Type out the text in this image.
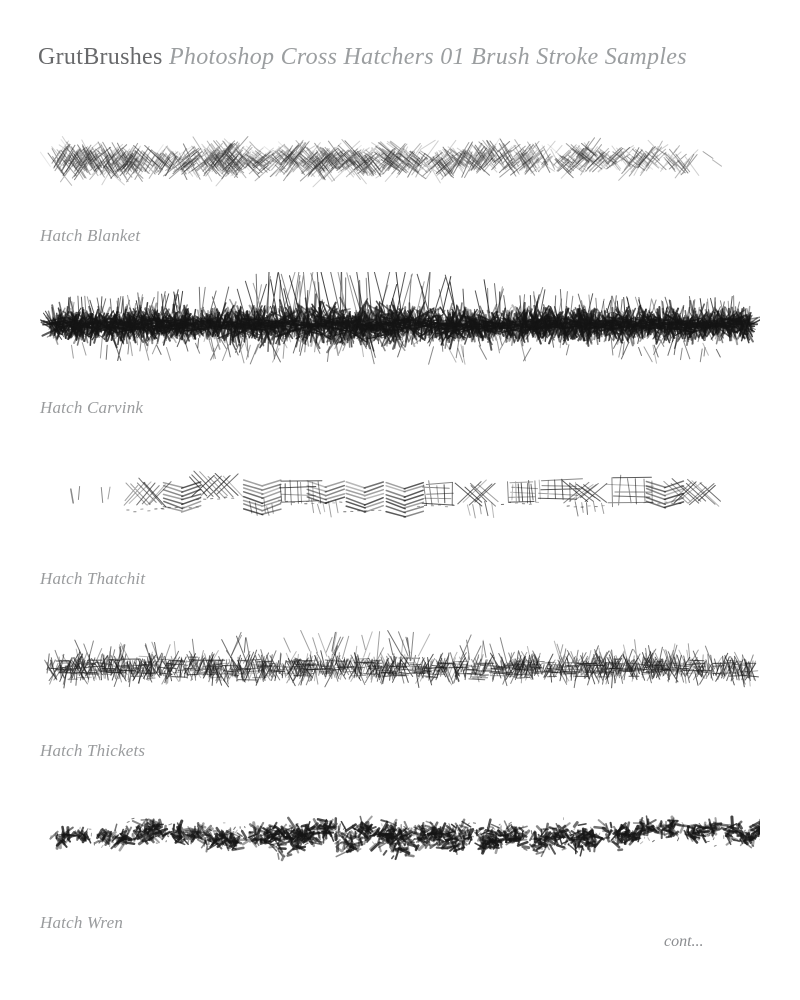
GrutBrushes Photoshop Cross Hatchers 01 Brush Stroke Samples
Hatch Blanket
Hatch Carvink
Hatch Thatchit
Hatch Thickets
Hatch Wren
cont...
